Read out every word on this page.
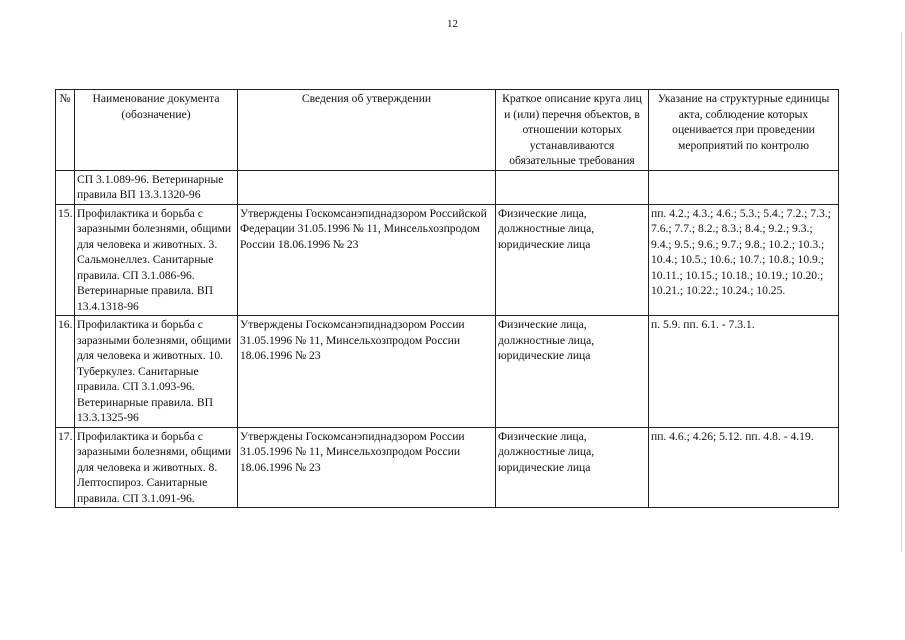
12
№	Наименование документа (обозначение)	Сведения об утверждении	Краткое описание круга лиц и (или) перечня объектов, в отношении которых устанавливаются обязательные требования	Указание на структурные единицы акта, соблюдение которых оценивается при проведении мероприятий по контролю
	СП 3.1.089-96. Ветеринарные правила ВП 13.3.1320-96			
15.	Профилактика и борьба с заразными болезнями, общими для человека и животных. 3. Сальмонеллез. Санитарные правила. СП 3.1.086-96. Ветеринарные правила. ВП 13.4.1318-96	Утверждены Госкомсанэпиднадзором Российской Федерации 31.05.1996 № 11, Минсельхозпродом России 18.06.1996 № 23	Физические лица, должностные лица, юридические лица	пп. 4.2.; 4.3.; 4.6.; 5.3.; 5.4.; 7.2.; 7.3.; 7.6.; 7.7.; 8.2.; 8.3.; 8.4.; 9.2.; 9.3.; 9.4.; 9.5.; 9.6.; 9.7.; 9.8.; 10.2.; 10.3.; 10.4.; 10.5.; 10.6.; 10.7.; 10.8.; 10.9.; 10.11.; 10.15.; 10.18.; 10.19.; 10.20.; 10.21.; 10.22.; 10.24.; 10.25.
16.	Профилактика и борьба с заразными болезнями, общими для человека и животных. 10. Туберкулез. Санитарные правила. СП 3.1.093-96. Ветеринарные правила. ВП 13.3.1325-96	Утверждены Госкомсанэпиднадзором России 31.05.1996 № 11, Минсельхозпродом России 18.06.1996 № 23	Физические лица, должностные лица, юридические лица	п. 5.9. пп. 6.1. - 7.3.1.
17.	Профилактика и борьба с заразными болезнями, общими для человека и животных. 8. Лептоспироз. Санитарные правила. СП 3.1.091-96.	Утверждены Госкомсанэпиднадзором России 31.05.1996 № 11, Минсельхозпродом России 18.06.1996 № 23	Физические лица, должностные лица, юридические лица	пп. 4.6.; 4.26; 5.12. пп. 4.8. - 4.19.
